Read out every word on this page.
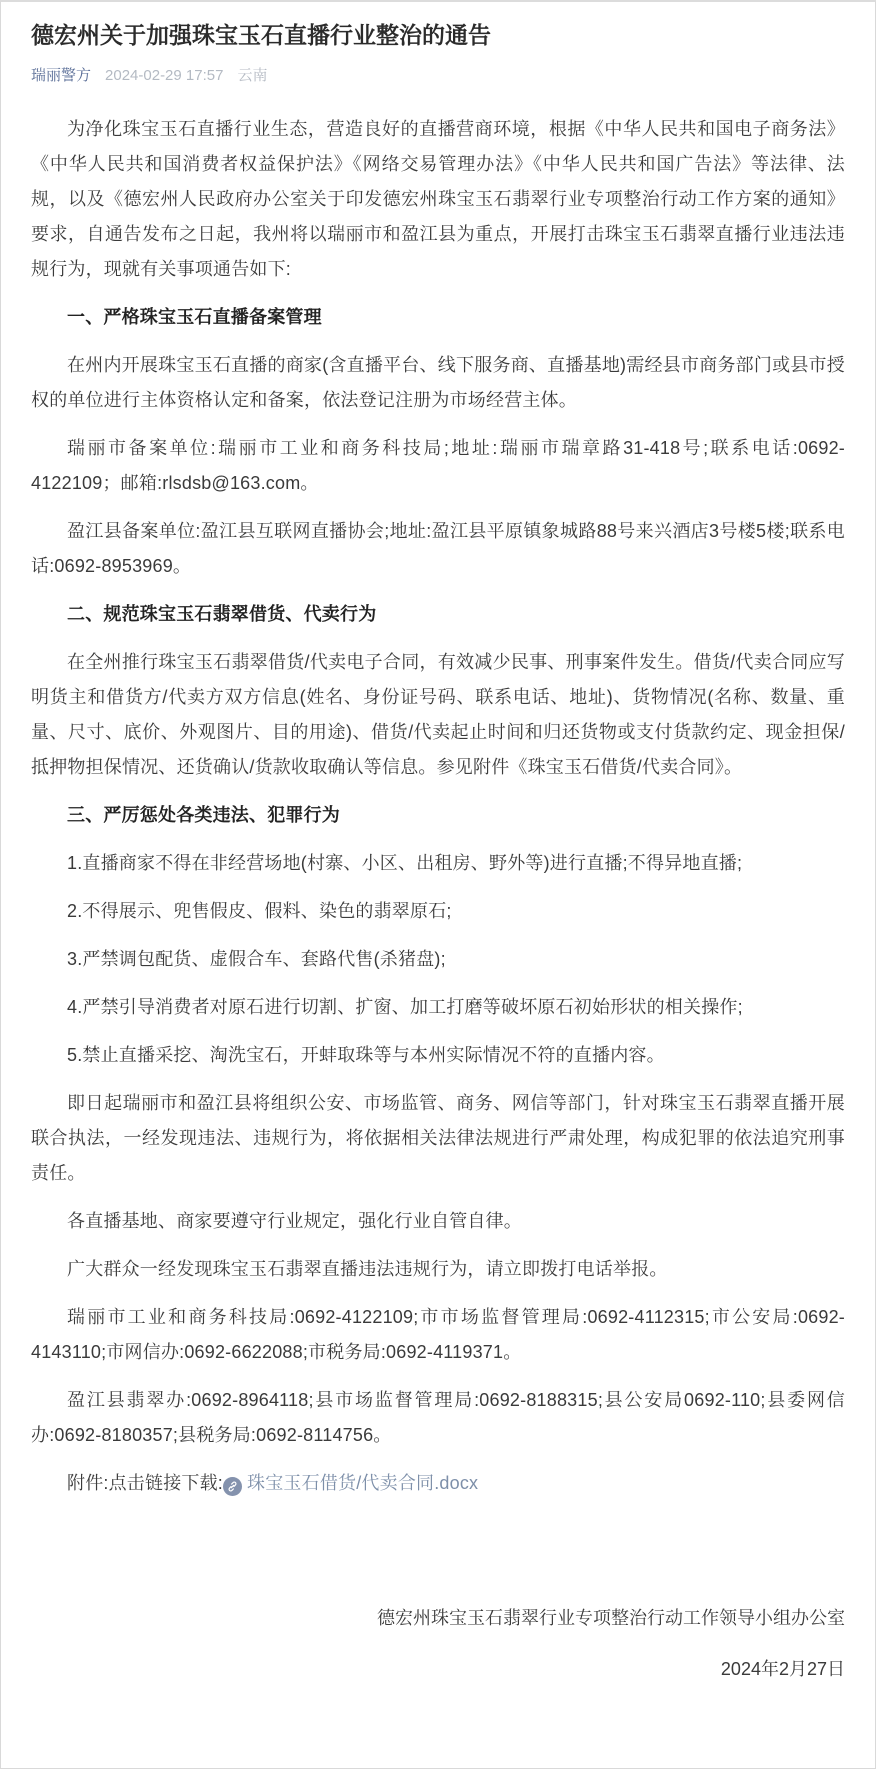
德宏州关于加强珠宝玉石直播行业整治的通告
瑞丽警方 2024-02-29 17:57 云南

为净化珠宝玉石直播行业生态，营造良好的直播营商环境，根据《中华人民共和国电子商务法》《中华人民共和国消费者权益保护法》《网络交易管理办法》《中华人民共和国广告法》等法律、法规，以及《德宏州人民政府办公室关于印发德宏州珠宝玉石翡翠行业专项整治行动工作方案的通知》要求，自通告发布之日起，我州将以瑞丽市和盈江县为重点，开展打击珠宝玉石翡翠直播行业违法违规行为，现就有关事项通告如下:

一、严格珠宝玉石直播备案管理

在州内开展珠宝玉石直播的商家(含直播平台、线下服务商、直播基地)需经县市商务部门或县市授权的单位进行主体资格认定和备案，依法登记注册为市场经营主体。

瑞丽市备案单位:瑞丽市工业和商务科技局;地址:瑞丽市瑞章路31-418号;联系电话:0692-4122109；邮箱:rlsdsb@163.com。

盈江县备案单位:盈江县互联网直播协会;地址:盈江县平原镇象城路88号来兴酒店3号楼5楼;联系电话:0692-8953969。

二、规范珠宝玉石翡翠借货、代卖行为

在全州推行珠宝玉石翡翠借货/代卖电子合同，有效减少民事、刑事案件发生。借货/代卖合同应写明货主和借货方/代卖方双方信息(姓名、身份证号码、联系电话、地址)、货物情况(名称、数量、重量、尺寸、底价、外观图片、目的用途)、借货/代卖起止时间和归还货物或支付货款约定、现金担保/抵押物担保情况、还货确认/货款收取确认等信息。参见附件《珠宝玉石借货/代卖合同》。

三、严厉惩处各类违法、犯罪行为

1.直播商家不得在非经营场地(村寨、小区、出租房、野外等)进行直播;不得异地直播;

2.不得展示、兜售假皮、假料、染色的翡翠原石;

3.严禁调包配货、虚假合车、套路代售(杀猪盘);

4.严禁引导消费者对原石进行切割、扩窗、加工打磨等破坏原石初始形状的相关操作;

5.禁止直播采挖、淘洗宝石，开蚌取珠等与本州实际情况不符的直播内容。

即日起瑞丽市和盈江县将组织公安、市场监管、商务、网信等部门，针对珠宝玉石翡翠直播开展联合执法，一经发现违法、违规行为，将依据相关法律法规进行严肃处理，构成犯罪的依法追究刑事责任。

各直播基地、商家要遵守行业规定，强化行业自管自律。

广大群众一经发现珠宝玉石翡翠直播违法违规行为，请立即拨打电话举报。

瑞丽市工业和商务科技局:0692-4122109;市市场监督管理局:0692-4112315;市公安局:0692-4143110;市网信办:0692-6622088;市税务局:0692-4119371。

盈江县翡翠办:0692-8964118;县市场监督管理局:0692-8188315;县公安局0692-110;县委网信办:0692-8180357;县税务局:0692-8114756。

附件:点击链接下载: 珠宝玉石借货/代卖合同.docx

德宏州珠宝玉石翡翠行业专项整治行动工作领导小组办公室

2024年2月27日
